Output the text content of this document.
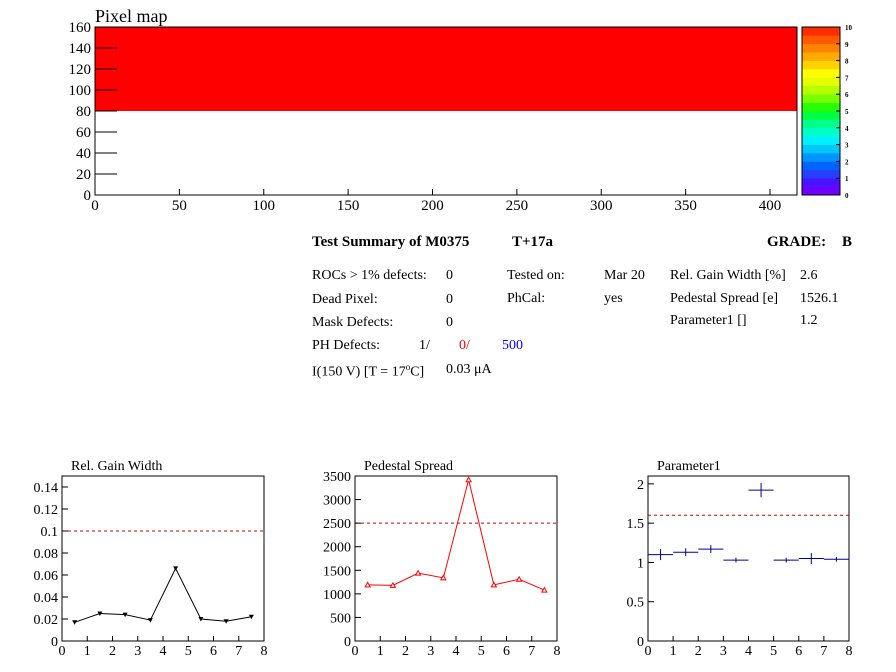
Pixel map
0
20
40
60
80
100
120
140
160
0	50	100	150	200	250	300	350	400
0
1
2
3
4
5
6
7
8
9
10
Rel. Gain Width
0
0.02
0.04
0.06
0.08
0.1
0.12
0.14
0 1 2 3 4 5 6 7 8
Pedestal Spread
0
500
1000
1500
2000
2500
3000
3500
0 1 2 3 4 5 6 7 8
Parameter1
0
0.5
1
1.5
2
0 1 2 3 4 5 6 7 8
Test Summary of M0375	T+17a	GRADE: B
ROCs > 1% defects: 0
Dead Pixel:	0
Mask Defects:	0
PH Defects:	1/ 0/ 500
I(150 V) $[T = 17^oC]$ 0.03 μA
Tested on:	Mar 20
PhCal:	yes
Rel. Gain Width [%] 2.6
Pedestal Spread [e] 1526.1
Parameter1 []	1.2
